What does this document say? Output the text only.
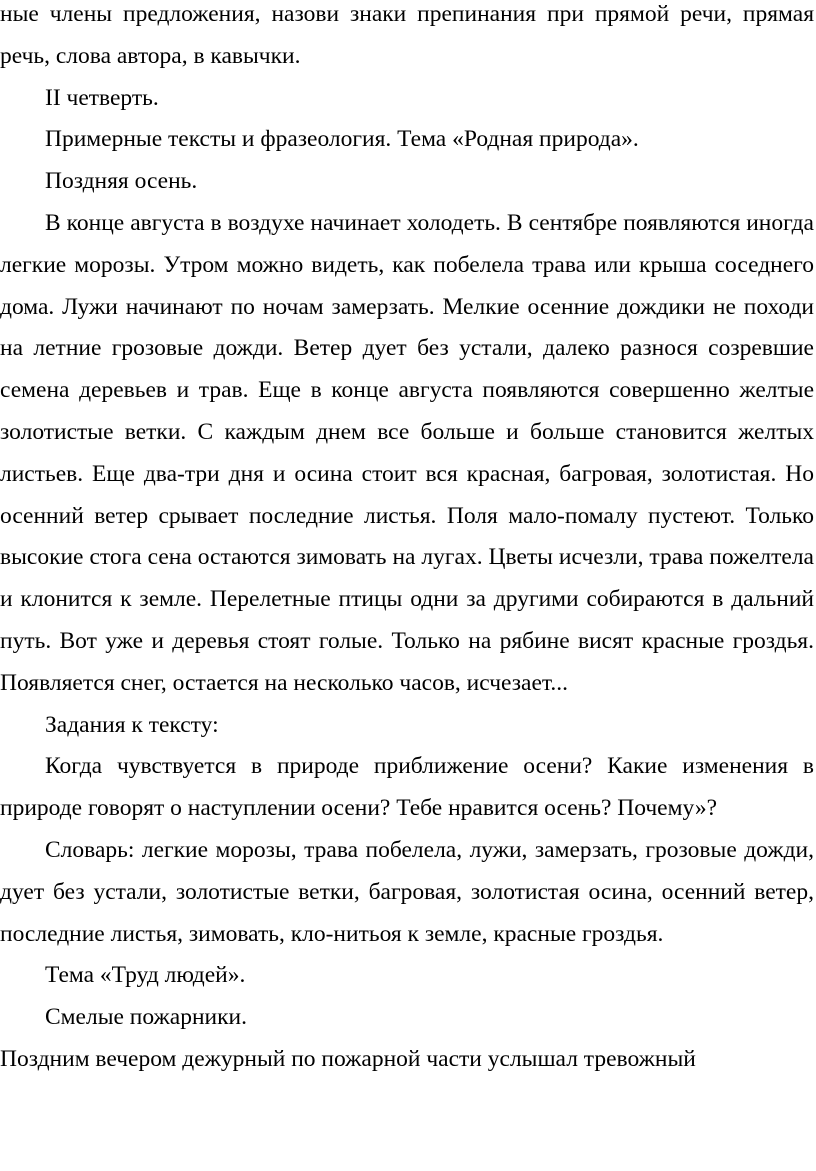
ные члены предложения, назови знаки препинания при прямой речи, прямая речь, слова автора, в кавычки.

II четверть.

Примерные тексты и фразеология. Тема «Родная природа».

Поздняя осень.

В конце августа в воздухе начинает холодеть. В сентябре появляются иногда легкие морозы. Утром можно видеть, как побелела трава или крыша соседнего дома. Лужи начинают по ночам замерзать. Мелкие осенние дождики не походи на летние грозовые дожди. Ветер дует без устали, далеко разнося созревшие семена деревьев и трав. Еще в конце августа появляются совершенно желтые золотистые ветки. С каждым днем все больше и больше становится желтых листьев. Еще два-три дня и осина стоит вся красная, багровая, золотистая. Но осенний ветер срывает последние листья. Поля мало-помалу пустеют. Только высокие стога сена остаются зимовать на лугах. Цветы исчезли, трава пожелтела и клонится к земле. Перелетные птицы одни за другими собираются в дальний путь. Вот уже и деревья стоят голые. Только на рябине висят красные гроздья. Появляется снег, остается на несколько часов, исчезает...

Задания к тексту:

Когда чувствуется в природе приближение осени? Какие изменения в природе говорят о наступлении осени? Тебе нравится осень? Почему»?

Словарь: легкие морозы, трава побелела, лужи, замерзать, грозовые дожди, дует без устали, золотистые ветки, багровая, золотистая осина, осенний ветер, последние листья, зимовать, кло-нитьоя к земле, красные гроздья.

Тема «Труд людей».

Смелые пожарники.

Поздним вечером дежурный по пожарной части услышал тревожный
